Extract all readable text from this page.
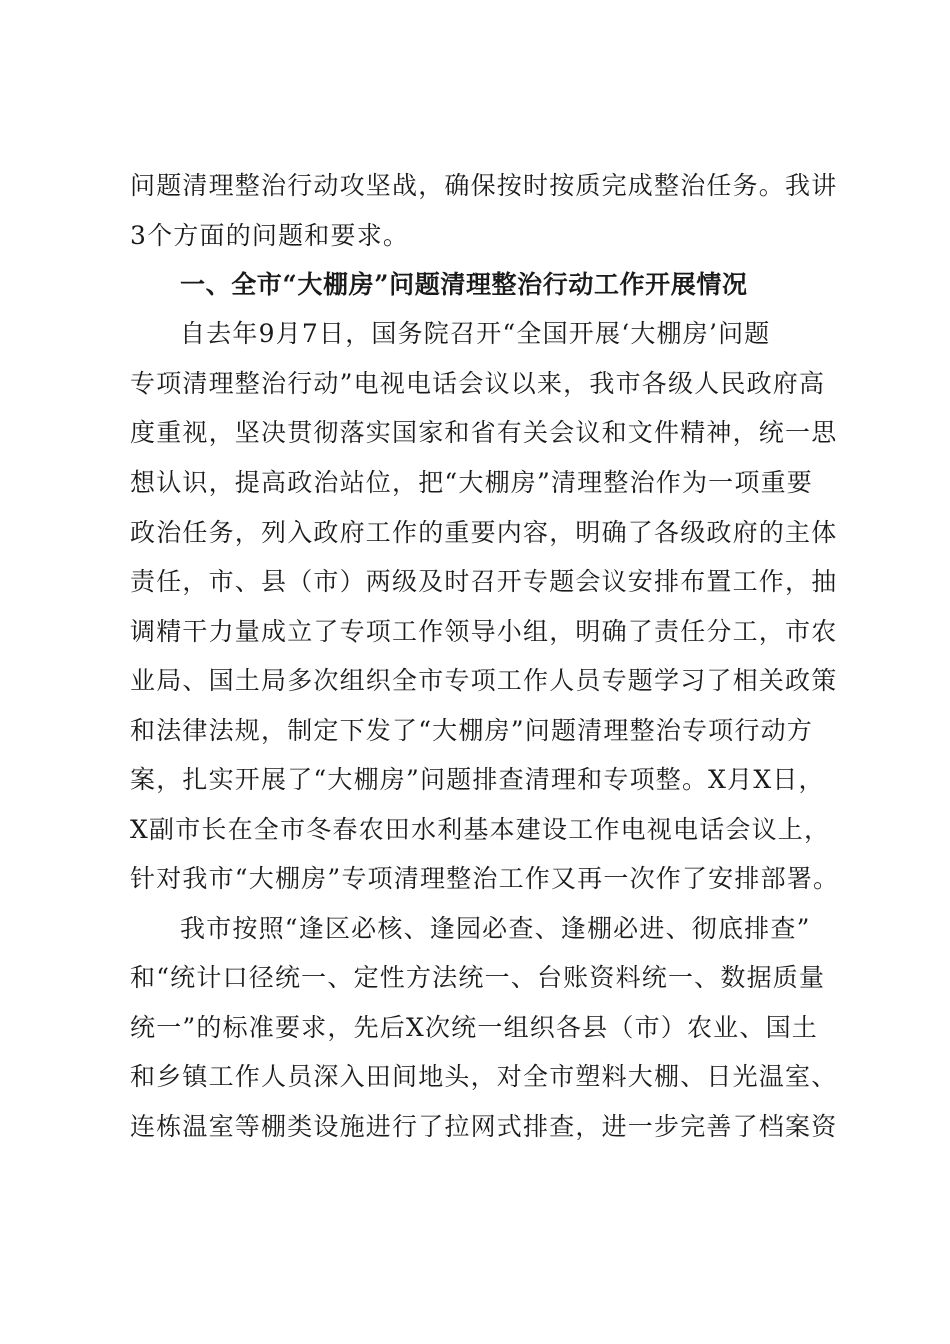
问题清理整治行动攻坚战，确保按时按质完成整治任务。我讲
3个方面的问题和要求。
一、全市“大棚房”问题清理整治行动工作开展情况
自去年9月7日，国务院召开“全国开展‘大棚房’问题
专项清理整治行动”电视电话会议以来，我市各级人民政府高
度重视，坚决贯彻落实国家和省有关会议和文件精神，统一思
想认识，提高政治站位，把“大棚房”清理整治作为一项重要
政治任务，列入政府工作的重要内容，明确了各级政府的主体
责任，市、县（市）两级及时召开专题会议安排布置工作，抽
调精干力量成立了专项工作领导小组，明确了责任分工，市农
业局、国土局多次组织全市专项工作人员专题学习了相关政策
和法律法规，制定下发了“大棚房”问题清理整治专项行动方
案，扎实开展了“大棚房”问题排查清理和专项整。X月X日，
X副市长在全市冬春农田水利基本建设工作电视电话会议上，
针对我市“大棚房”专项清理整治工作又再一次作了安排部署。
我市按照“逢区必核、逢园必查、逢棚必进、彻底排查”
和“统计口径统一、定性方法统一、台账资料统一、数据质量
统一”的标准要求，先后X次统一组织各县（市）农业、国土
和乡镇工作人员深入田间地头，对全市塑料大棚、日光温室、
连栋温室等棚类设施进行了拉网式排查，进一步完善了档案资
